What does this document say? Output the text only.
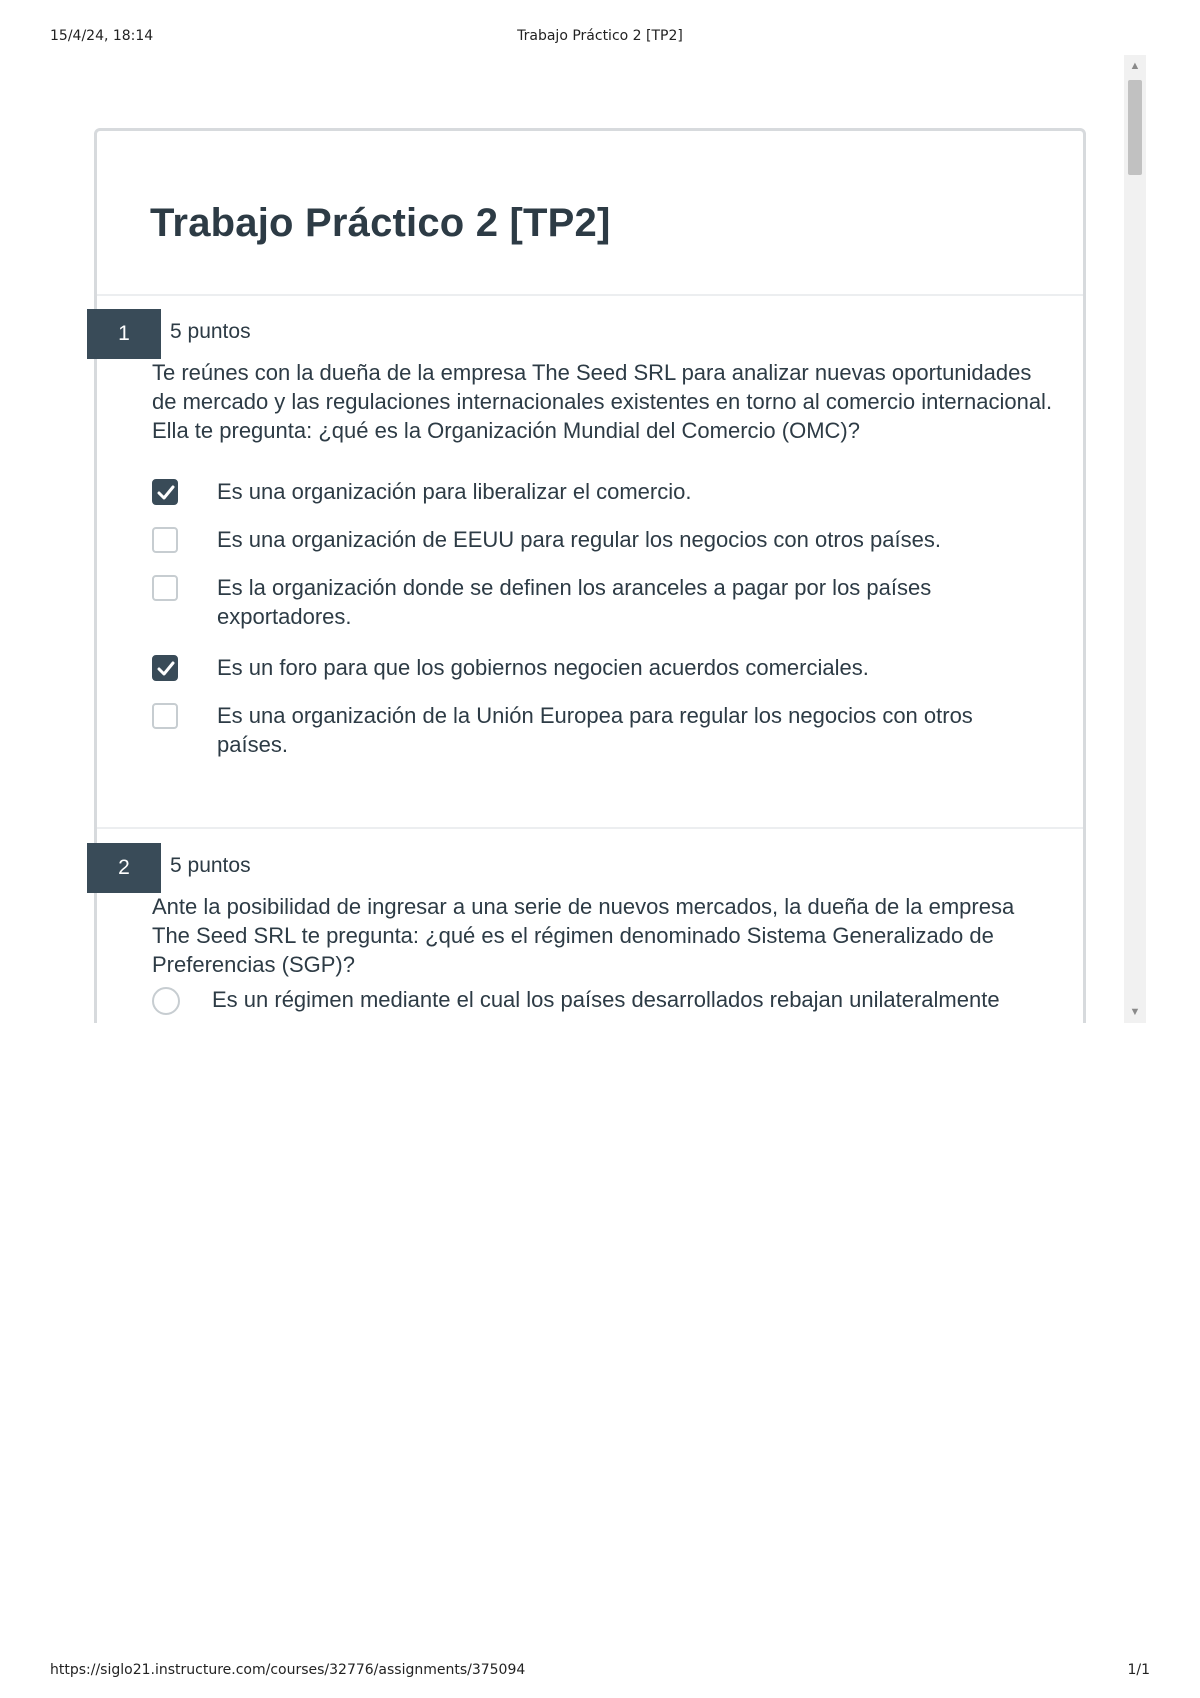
15/4/24, 18:14	Trabajo Práctico 2 [TP2]
Trabajo Práctico 2 [TP2]
1	5 puntos
Te reúnes con la dueña de la empresa The Seed SRL para analizar nuevas oportunidades de mercado y las regulaciones internacionales existentes en torno al comercio internacional. Ella te pregunta: ¿qué es la Organización Mundial del Comercio (OMC)?
Es una organización para liberalizar el comercio.
Es una organización de EEUU para regular los negocios con otros países.
Es la organización donde se definen los aranceles a pagar por los países exportadores.
Es un foro para que los gobiernos negocien acuerdos comerciales.
Es una organización de la Unión Europea para regular los negocios con otros países.
2	5 puntos
Ante la posibilidad de ingresar a una serie de nuevos mercados, la dueña de la empresa The Seed SRL te pregunta: ¿qué es el régimen denominado Sistema Generalizado de Preferencias (SGP)?
Es un régimen mediante el cual los países desarrollados rebajan unilateralmente
▲
▼
https://siglo21.instructure.com/courses/32776/assignments/375094	1/1
